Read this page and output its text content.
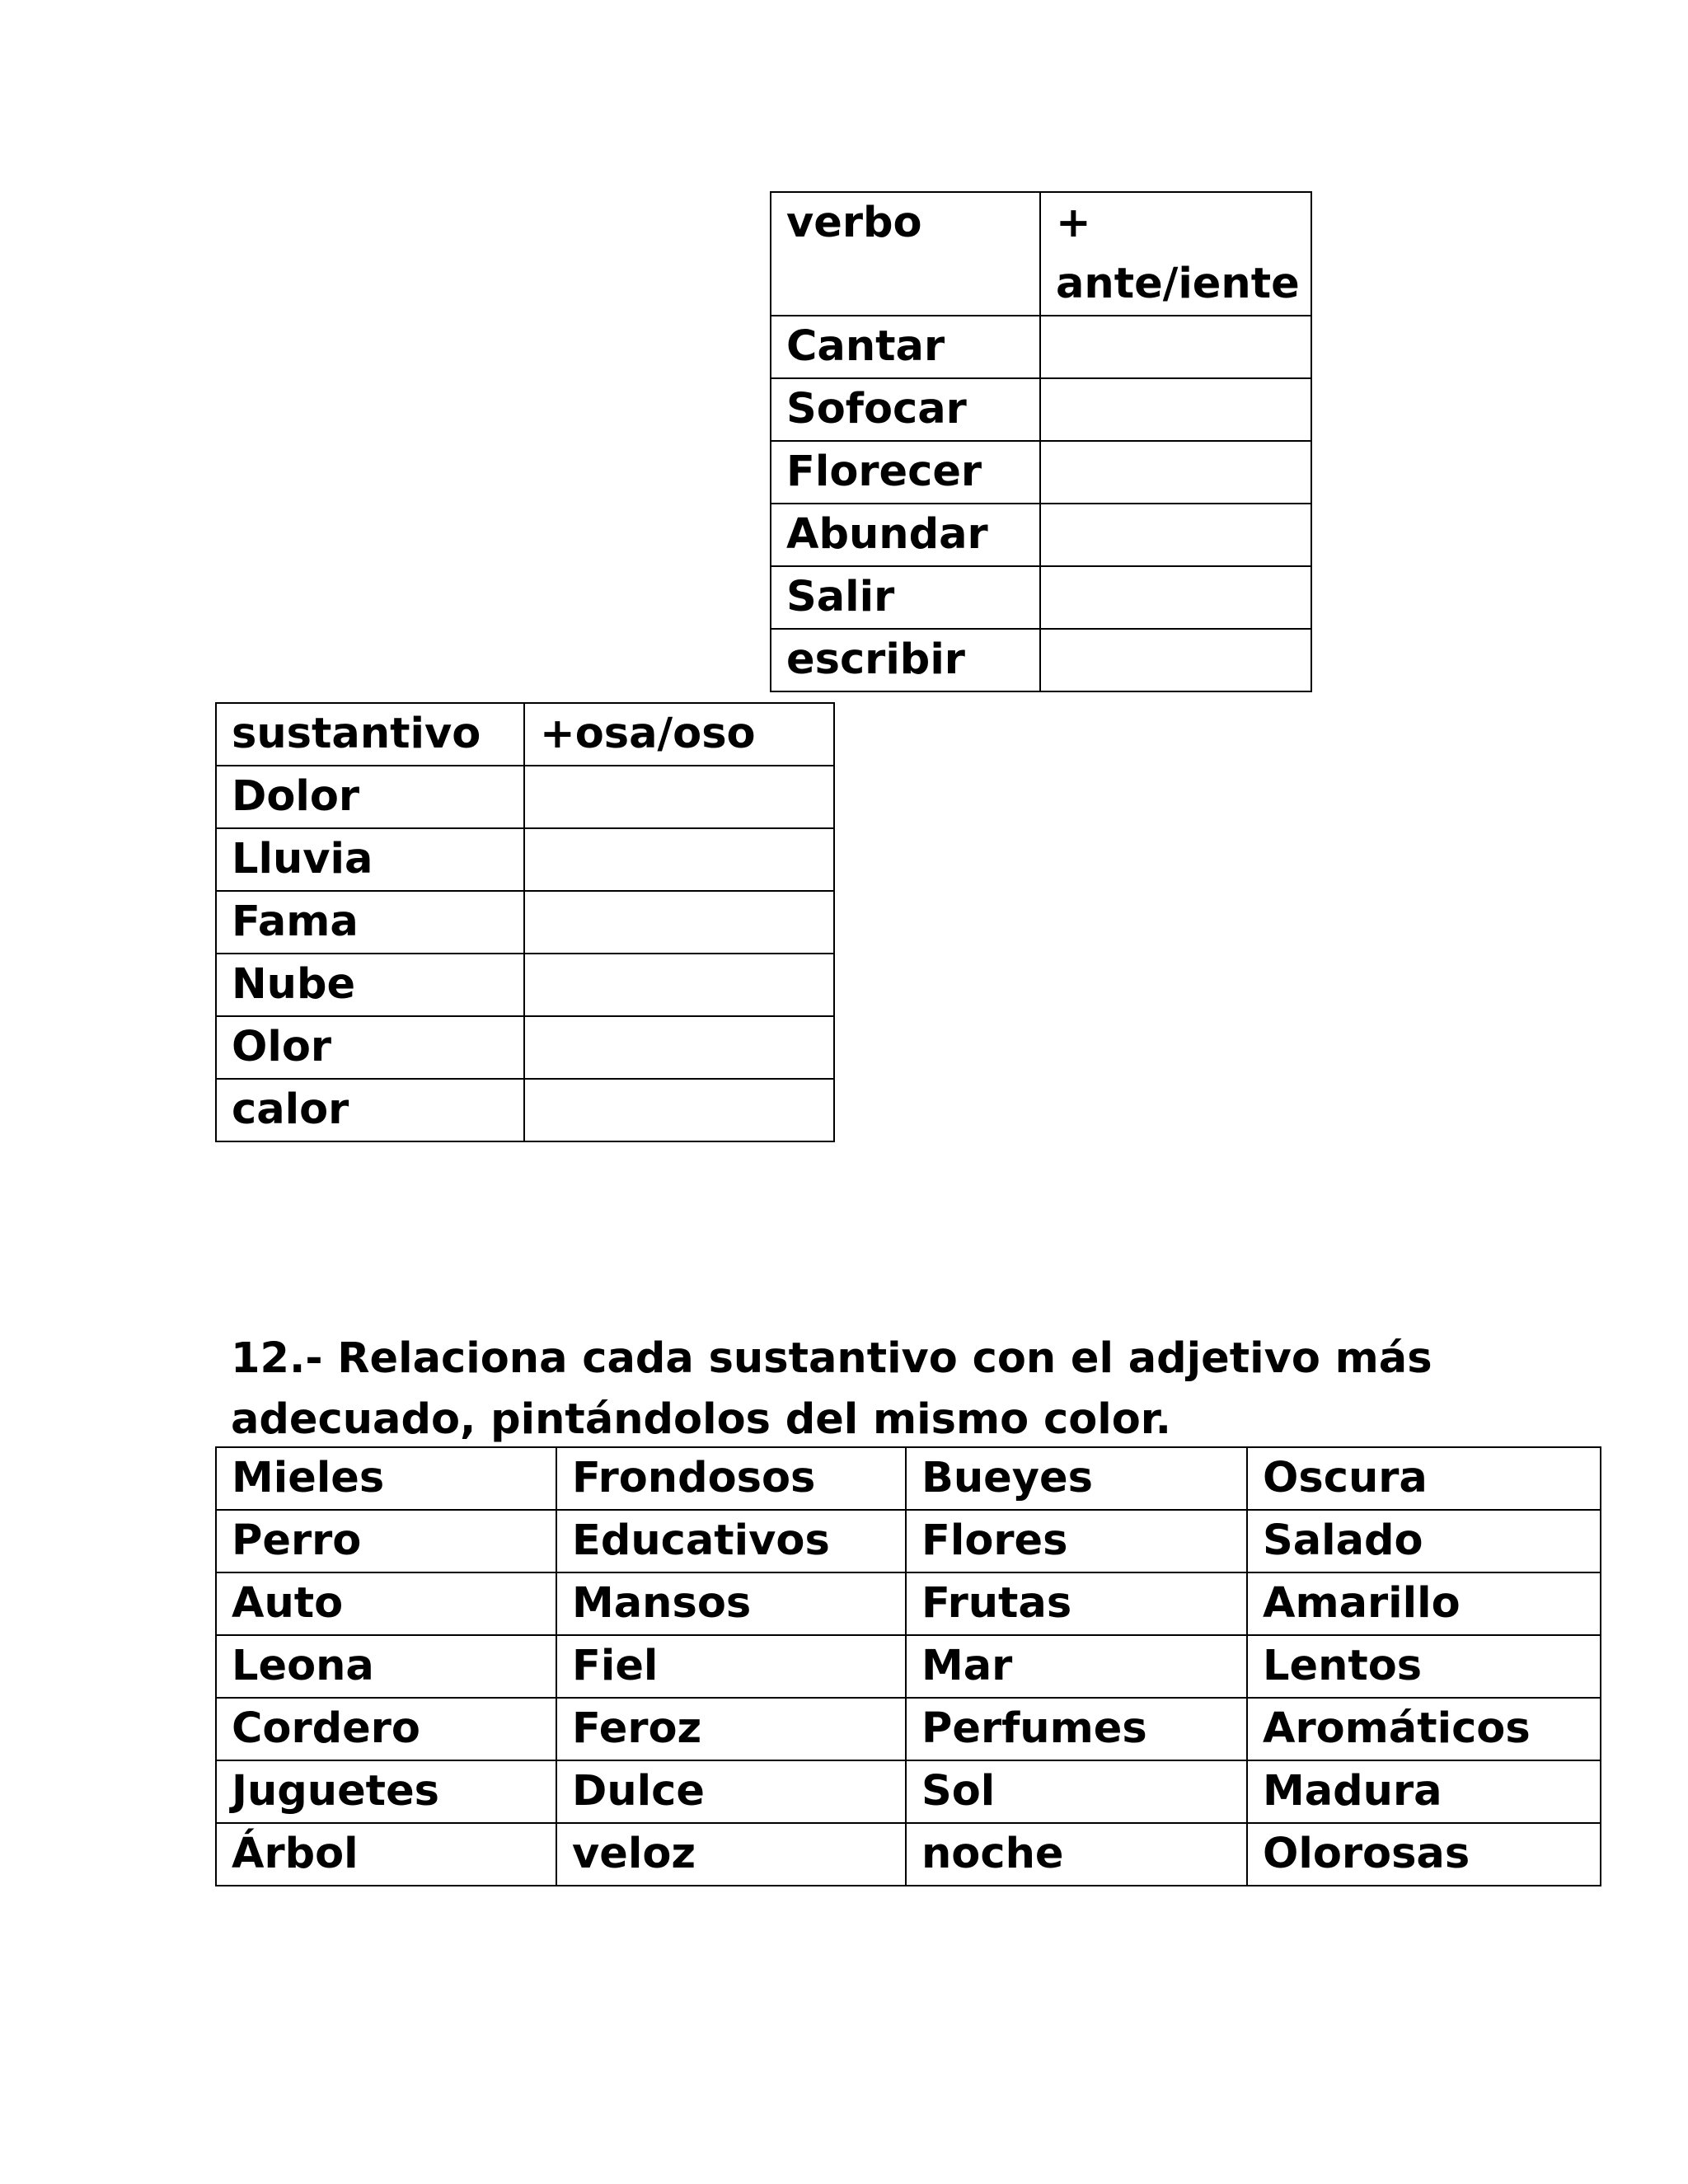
verbo	+
ante/iente

Cantar	
Sofocar	
Florecer	
Abundar	
Salir	
escribir	
sustantivo	+osa/oso
Dolor	
Lluvia	
Fama	
Nube	
Olor	
calor	

12.- Relaciona cada sustantivo con el adjetivo más adecuado, pintándolos del mismo color.

Mieles	Frondosos	Bueyes	Oscura
Perro	Educativos	Flores	Salado
Auto	Mansos	Frutas	Amarillo
Leona	Fiel	Mar	Lentos
Cordero	Feroz	Perfumes	Aromáticos
Juguetes	Dulce	Sol	Madura
Árbol	veloz	noche	Olorosas
